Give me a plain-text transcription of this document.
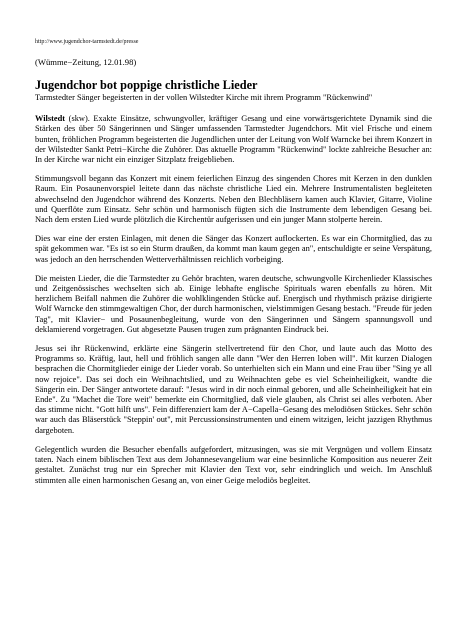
http://www.jugendchor-tarmstedt.de/presse
(Wümme−Zeitung, 12.01.98)
Jugendchor bot poppige christliche Lieder
Tarmstedter Sänger begeisterten in der vollen Wilstedter Kirche mit ihrem Programm "Rückenwind"

Wilstedt (skw). Exakte Einsätze, schwungvoller, kräftiger Gesang und eine vorwärtsgerichtete Dynamik sind die Stärken des über 50 Sängerinnen und Sänger umfassenden Tarmstedter Jugendchors. Mit viel Frische und einem bunten, fröhlichen Programm begeisterten die Jugendlichen unter der Leitung von Wolf Warncke bei ihrem Konzert in der Wilstedter Sankt Petri−Kirche die Zuhörer. Das aktuelle Programm "Rückenwind" lockte zahlreiche Besucher an: In der Kirche war nicht ein einziger Sitzplatz freigeblieben.

Stimmungsvoll begann das Konzert mit einem feierlichen Einzug des singenden Chores mit Kerzen in den dunklen Raum. Ein Posaunenvorspiel leitete dann das nächste christliche Lied ein. Mehrere Instrumentalisten begleiteten abwechselnd den Jugendchor während des Konzerts. Neben den Blechbläsern kamen auch Klavier, Gitarre, Violine und Querflöte zum Einsatz. Sehr schön und harmonisch fügten sich die Instrumente dem lebendigen Gesang bei. Nach dem ersten Lied wurde plötzlich die Kirchentür aufgerissen und ein junger Mann stolperte herein.

Dies war eine der ersten Einlagen, mit denen die Sänger das Konzert auflockerten. Es war ein Chormitglied, das zu spät gekommen war. "Es ist so ein Sturm draußen, da kommt man kaum gegen an", entschuldigte er seine Verspätung, was jedoch an den herrschenden Wetterverhältnissen reichlich vorbeiging.

Die meisten Lieder, die die Tarmstedter zu Gehör brachten, waren deutsche, schwungvolle Kirchenlieder Klassisches und Zeitgenössisches wechselten sich ab. Einige lebhafte englische Spirituals waren ebenfalls zu hören. Mit herzlichem Beifall nahmen die Zuhörer die wohlklingenden Stücke auf. Energisch und rhythmisch präzise dirigierte Wolf Warncke den stimmgewaltigen Chor, der durch harmonischen, vielstimmigen Gesang bestach. "Freude für jeden Tag", mit Klavier− und Posaunenbegleitung, wurde von den Sängerinnen und Sängern spannungsvoll und deklamierend vorgetragen. Gut abgesetzte Pausen trugen zum prägnanten Eindruck bei.

Jesus sei ihr Rückenwind, erklärte eine Sängerin stellvertretend für den Chor, und laute auch das Motto des Programms so. Kräftig, laut, hell und fröhlich sangen alle dann "Wer den Herren loben will". Mit kurzen Dialogen besprachen die Chormitglieder einige der Lieder vorab. So unterhielten sich ein Mann und eine Frau über "Sing ye all now rejoice". Das sei doch ein Weihnachtslied, und zu Weihnachten gebe es viel Scheinheiligkeit, wandte die Sängerin ein. Der Sänger antwortete darauf: "Jesus wird in dir noch einmal geboren, und alle Scheinheiligkeit hat ein Ende". Zu "Machet die Tore weit" bemerkte ein Chormitglied, daß viele glauben, als Christ sei alles verboten. Aber das stimme nicht. "Gott hilft uns". Fein differenziert kam der A−Capella−Gesang des melodiösen Stückes. Sehr schön war auch das Bläserstück "Steppin' out", mit Percussionsinstrumenten und einem witzigen, leicht jazzigen Rhythmus dargeboten.

Gelegentlich wurden die Besucher ebenfalls aufgefordert, mitzusingen, was sie mit Vergnügen und vollem Einsatz taten. Nach einem biblischen Text aus dem Johannesevangelium war eine besinnliche Komposition aus neuerer Zeit gestaltet. Zunächst trug nur ein Sprecher mit Klavier den Text vor, sehr eindringlich und weich. Im Anschluß stimmten alle einen harmonischen Gesang an, von einer Geige melodiös begleitet.
